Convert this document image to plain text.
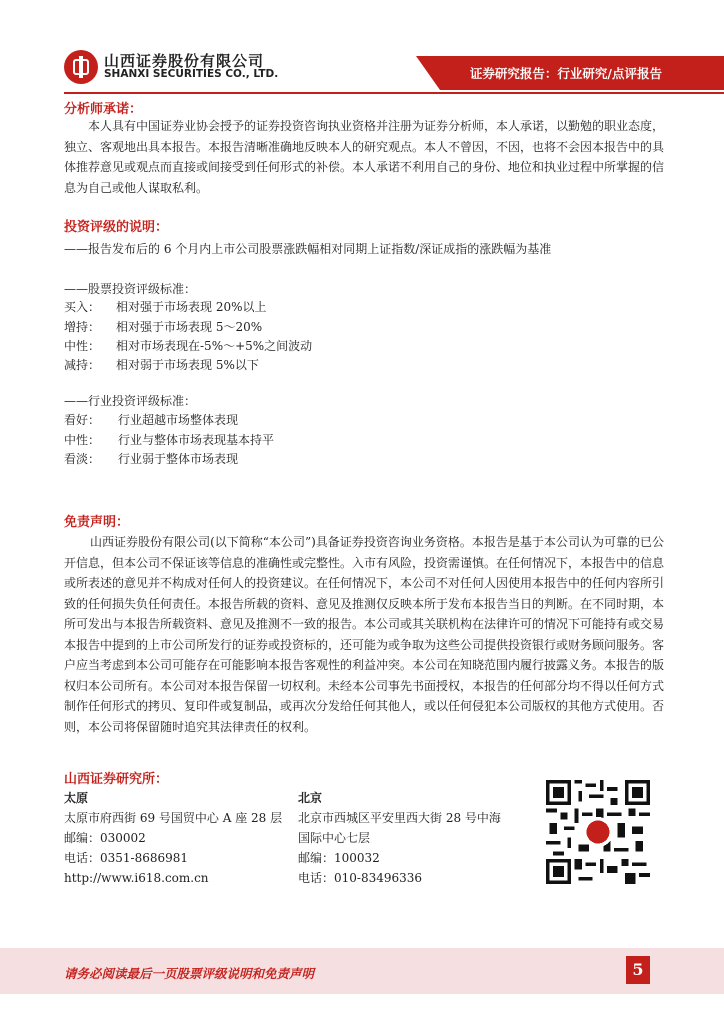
山西证券股份有限公司
SHANXI SECURITIES CO., LTD.	证券研究报告：行业研究/点评报告
分析师承诺：
本人具有中国证券业协会授予的证券投资咨询执业资格并注册为证券分析师，本人承诺，以勤勉的职业态度，独立、客观地出具本报告。本报告清晰准确地反映本人的研究观点。本人不曾因，不因，也将不会因本报告中的具体推荐意见或观点而直接或间接受到任何形式的补偿。本人承诺不利用自己的身份、地位和执业过程中所掌握的信息为自己或他人谋取私利。
投资评级的说明：
——报告发布后的 6 个月内上市公司股票涨跌幅相对同期上证指数/深证成指的涨跌幅为基准
——股票投资评级标准：
买入： 相对强于市场表现 20%以上
增持： 相对强于市场表现 5～20%
中性： 相对市场表现在-5%～+5%之间波动
减持： 相对弱于市场表现 5%以下
——行业投资评级标准：
看好： 行业超越市场整体表现
中性： 行业与整体市场表现基本持平
看淡： 行业弱于整体市场表现
免责声明：
山西证券股份有限公司(以下简称“本公司”)具备证券投资咨询业务资格。本报告是基于本公司认为可靠的已公开信息，但本公司不保证该等信息的准确性或完整性。入市有风险，投资需谨慎。在任何情况下，本报告中的信息或所表述的意见并不构成对任何人的投资建议。在任何情况下，本公司不对任何人因使用本报告中的任何内容所引致的任何损失负任何责任。本报告所载的资料、意见及推测仅反映本所于发布本报告当日的判断。在不同时期，本所可发出与本报告所载资料、意见及推测不一致的报告。本公司或其关联机构在法律许可的情况下可能持有或交易本报告中提到的上市公司所发行的证券或投资标的，还可能为或争取为这些公司提供投资银行或财务顾问服务。客户应当考虑到本公司可能存在可能影响本报告客观性的利益冲突。本公司在知晓范围内履行披露义务。本报告的版权归本公司所有。本公司对本报告保留一切权利。未经本公司事先书面授权，本报告的任何部分均不得以任何方式制作任何形式的拷贝、复印件或复制品，或再次分发给任何其他人，或以任何侵犯本公司版权的其他方式使用。否则，本公司将保留随时追究其法律责任的权利。
山西证券研究所：
太原
太原市府西街 69 号国贸中心 A 座 28 层
邮编：030002
电话：0351-8686981
http://www.i618.com.cn
北京
北京市西城区平安里西大街 28 号中海
国际中心七层
邮编：100032
电话：010-83496336
请务必阅读最后一页股票评级说明和免责声明	5
